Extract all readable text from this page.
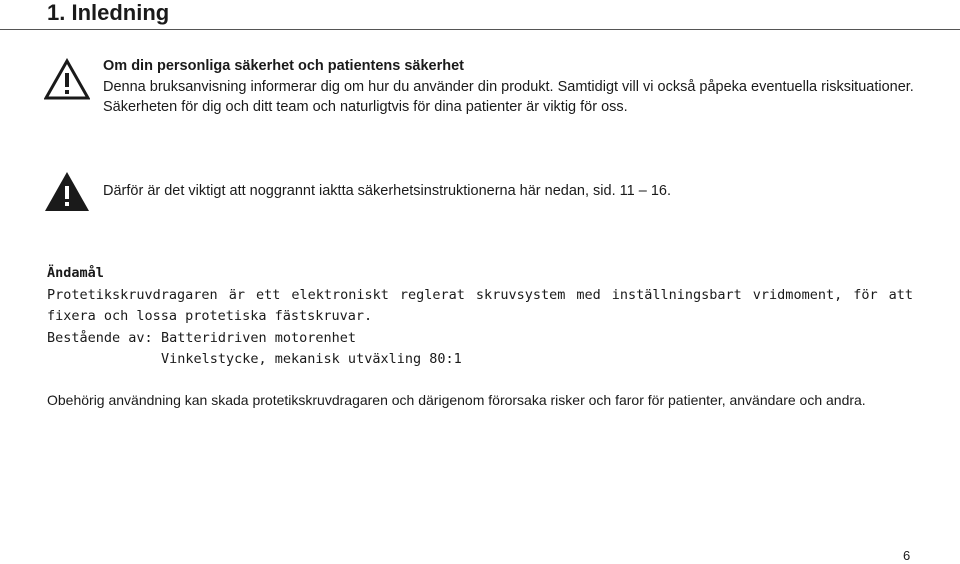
1. Inledning
Om din personliga säkerhet och patientens säkerhet
Denna bruksanvisning informerar dig om hur du använder din produkt. Samtidigt vill vi också påpeka eventuella risksituationer. Säkerheten för dig och ditt team och naturligtvis för dina patienter är viktig för oss.
Därför är det viktigt att noggrannt iaktta säkerhetsinstruktionerna här nedan, sid. 11 – 16.
Ändamål
Protetikskruvdragaren är ett elektroniskt reglerat skruvsystem med inställningsbart vridmoment, för att fixera och lossa protetiska fästskruvar.
Bestående av: Batteridriven motorenhet
Vinkelstycke, mekanisk utväxling 80:1
Obehörig användning kan skada protetikskruvdragaren och därigenom förorsaka risker och faror för patienter, användare och andra.
6
